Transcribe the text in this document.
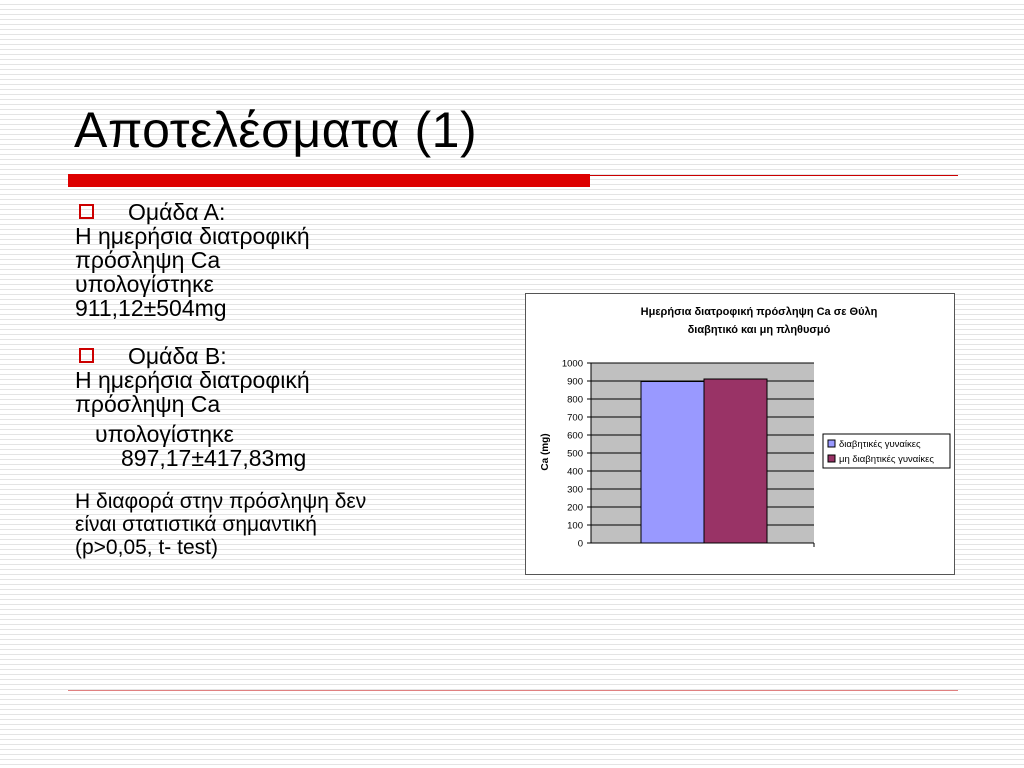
Αποτελέσματα (1)
Ομάδα Α:
Η ημερήσια διατροφική
πρόσληψη Ca
υπολογίστηκε
911,12±504mg
Ομάδα Β:
Η ημερήσια διατροφική
πρόσληψη Ca
υπολογίστηκε
897,17±417,83mg
Η διαφορά στην πρόσληψη δεν
είναι στατιστικά σημαντική
(p>0,05, t- test)
Ημερήσια διατροφική πρόσληψη Ca σε Θύλη
διαβητικό και μη πληθυσμό
Ca (mg)
1000
900
800
700
600
500
400
300
200
100
0
διαβητικές γυναίκες
μη διαβητικές γυναίκες
